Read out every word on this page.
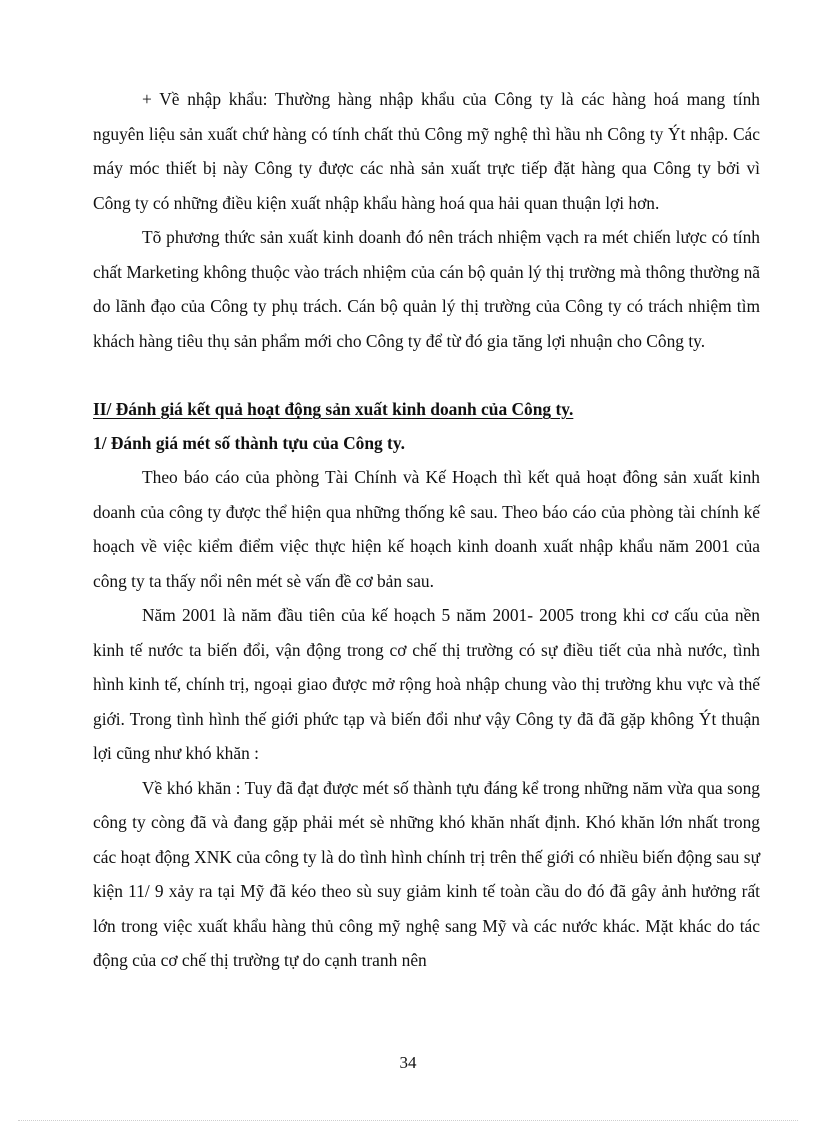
+ Về nhập khẩu: Thường hàng nhập khẩu của Công ty là các hàng hoá mang tính nguyên liệu sản xuất chứ hàng có tính chất thủ Công mỹ nghệ thì hầu nh Công ty Ýt nhập. Các máy móc thiết bị này Công ty được các nhà sản xuất trực tiếp đặt hàng qua Công ty bởi vì Công ty có những điều kiện xuất nhập khẩu hàng hoá qua hải quan thuận lợi hơn.

Tõ phương thức sản xuất kinh doanh đó nên trách nhiệm vạch ra mét chiến lược có tính chất Marketing không thuộc vào trách nhiệm của cán bộ quản lý thị trường mà thông thường nã do lãnh đạo của Công ty phụ trách. Cán bộ quản lý thị trường của Công ty có trách nhiệm tìm khách hàng tiêu thụ sản phẩm mới cho Công ty để từ đó gia tăng lợi nhuận cho Công ty.

II/ Đánh giá kết quả hoạt động sản xuất kinh doanh của Công ty.

1/ Đánh giá mét số thành tựu của Công ty.

Theo báo cáo của phòng Tài Chính và Kế Hoạch thì kết quả hoạt đông sản xuất kinh doanh của công ty được thể hiện qua những thống kê sau. Theo báo cáo của phòng tài chính kế hoạch về việc kiểm điểm việc thực hiện kế hoạch kinh doanh xuất nhập khẩu năm 2001 của công ty ta thấy nổi nên mét sè vấn đề cơ bản sau.

Năm 2001 là năm đầu tiên của kế hoạch 5 năm 2001- 2005 trong khi cơ cấu của nền kinh tế nước ta biến đổi, vận động trong cơ chế thị trường có sự điều tiết của nhà nước, tình hình kinh tế, chính trị, ngoại giao được mở rộng hoà nhập chung vào thị trường khu vực và thế giới. Trong tình hình thế giới phức tạp và biến đổi như vậy Công ty đã đã gặp không Ýt thuận lợi cũng như khó khăn :

Về khó khăn : Tuy đã đạt được mét số thành tựu đáng kể trong những năm vừa qua song công ty còng đã và đang gặp phải mét sè những khó khăn nhất định. Khó khăn lớn nhất trong các hoạt động XNK của công ty là do tình hình chính trị trên thế giới có nhiều biến động sau sự kiện 11/ 9 xảy ra tại Mỹ đã kéo theo sù suy giảm kinh tế toàn cầu do đó đã gây ảnh hưởng rất lớn trong việc xuất khẩu hàng thủ công mỹ nghệ sang Mỹ và các nước khác. Mặt khác do tác động của cơ chế thị trường tự do cạnh tranh nên

34
